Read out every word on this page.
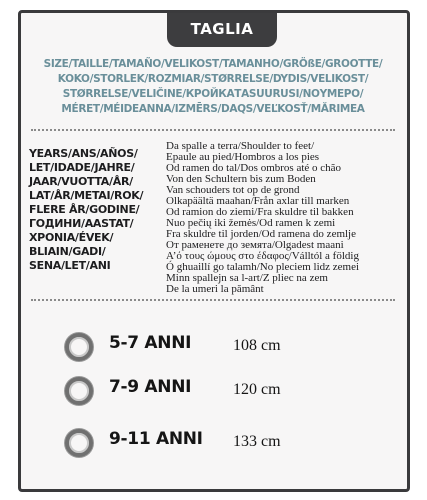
TAGLIA
SIZE/TAILLE/TAMAÑO/VELIKOST/TAMANHO/GRÖßE/GROOTTE/
KOKO/STORLEK/ROZMIAR/STØRRELSE/DYDIS/VELIKOST/
STØRRELSE/VELIČINE/КРОЙКАТASUURUSI/ΝΟΥΜΕΡΟ/
MÉRET/MÉIDEANNA/IZMĒRS/DAQS/VEĽKOSŤ/MĂRIMEA
YEARS/ANS/AÑOS/
LET/IDADE/JAHRE/
JAAR/VUOTTA/ÅR/
LAT/ÅR/METAI/ROK/
FLERE ÅR/GODINE/
ГОДИНИ/AASTAT/
ΧΡΟΝΙΑ/ÉVEK/
BLIAIN/GADI/
SENA/LET/ANI
Da spalle a terra/Shoulder to feet/
Epaule au pied/Hombros a los pies
Od ramen do tal/Dos ombros até o chão
Von den Schultern bis zum Boden
Van schouders tot op de grond
Olkapäältä maahan/Från axlar till marken
Od ramion do ziemi/Fra skuldre til bakken
Nuo pečių iki žemės/Od ramen k zemi
Fra skuldre til jorden/Od ramena do zemlje
От раменете до земята/Olgadest maani
Α’ό τους ώμους στο έδαφος/Válltól a földig
Ó ghuaillí go talamh/No pleciem lidz zemei
Minn spallejn sa l-art/Z pliec na zem
De la umeri la pământ
5-7 ANNI	108 cm
7-9 ANNI	120 cm
9-11 ANNI 133 cm
